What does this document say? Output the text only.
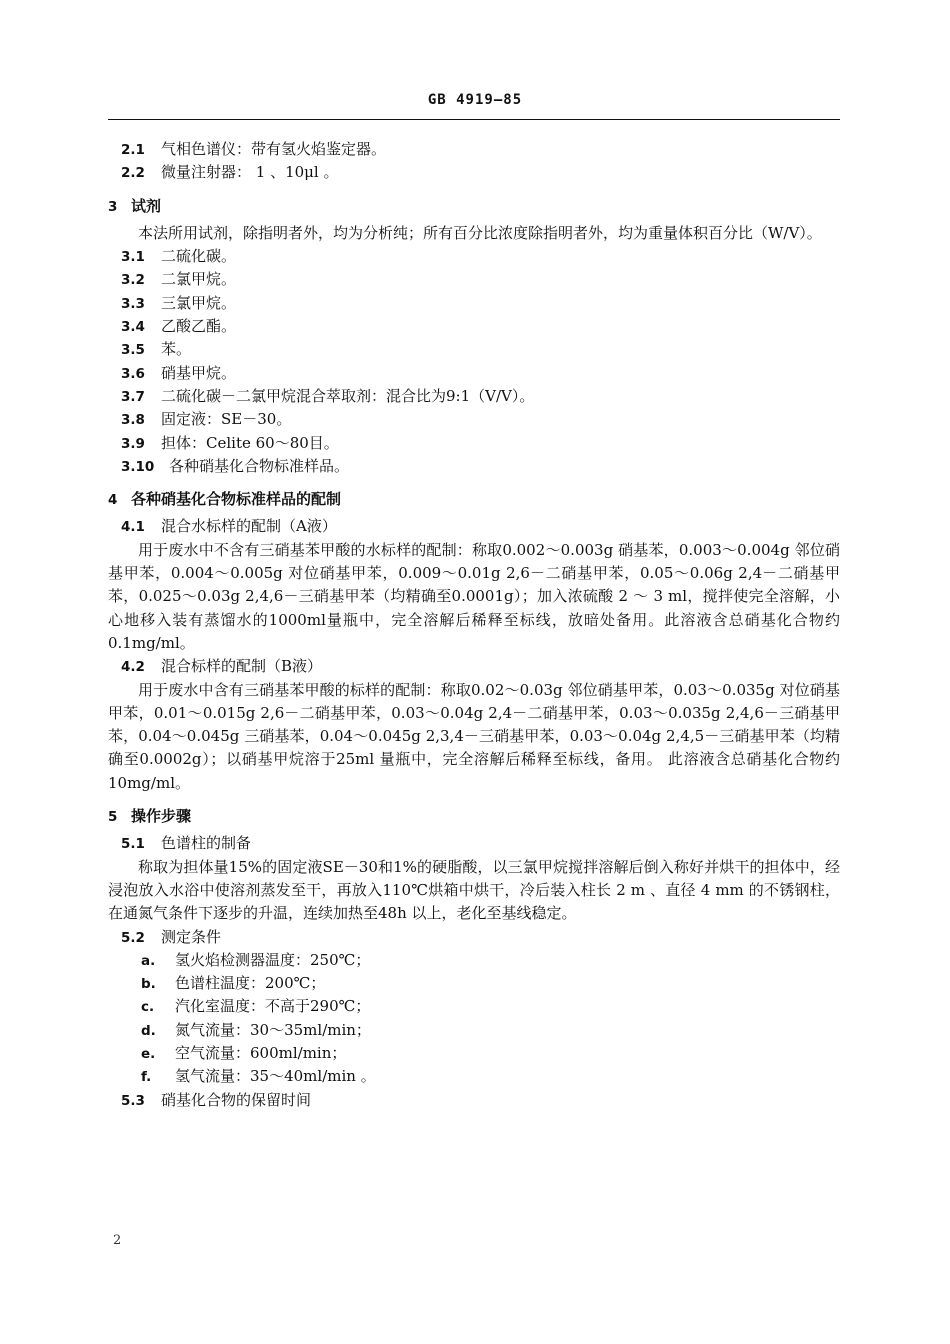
GB 4919—85
2.1 气相色谱仪：带有氢火焰鉴定器。
2.2 微量注射器： 1 、10μl 。
3 试剂
本法所用试剂，除指明者外，均为分析纯；所有百分比浓度除指明者外，均为重量体积百分比（W/V）。
3.1 二硫化碳。
3.2 二氯甲烷。
3.3 三氯甲烷。
3.4 乙酸乙酯。
3.5 苯。
3.6 硝基甲烷。
3.7 二硫化碳－二氯甲烷混合萃取剂：混合比为9:1（V/V）。
3.8 固定液：SE－30。
3.9 担体：Celite 60～80目。
3.10 各种硝基化合物标准样品。
4 各种硝基化合物标准样品的配制
4.1 混合水标样的配制（A液）
用于废水中不含有三硝基苯甲酸的水标样的配制：称取0.002～0.003g 硝基苯，0.003～0.004g 邻位硝基甲苯，0.004～0.005g 对位硝基甲苯，0.009～0.01g 2,6－二硝基甲苯，0.05～0.06g 2,4－二硝基甲苯，0.025～0.03g 2,4,6－三硝基甲苯（均精确至0.0001g）；加入浓硫酸 2 ～ 3 ml，搅拌使完全溶解，小心地移入装有蒸馏水的1000ml量瓶中，完全溶解后稀释至标线，放暗处备用。此溶液含总硝基化合物约0.1mg/ml。
4.2 混合标样的配制（B液）
用于废水中含有三硝基苯甲酸的标样的配制：称取0.02～0.03g 邻位硝基甲苯，0.03～0.035g 对位硝基甲苯，0.01～0.015g 2,6－二硝基甲苯，0.03～0.04g 2,4－二硝基甲苯，0.03～0.035g 2,4,6－三硝基甲苯，0.04～0.045g 三硝基苯，0.04～0.045g 2,3,4－三硝基甲苯，0.03～0.04g 2,4,5－三硝基甲苯（均精确至0.0002g）；以硝基甲烷溶于25ml 量瓶中，完全溶解后稀释至标线，备用。 此溶液含总硝基化合物约10mg/ml。
5 操作步骤
5.1 色谱柱的制备
称取为担体量15%的固定液SE－30和1%的硬脂酸，以三氯甲烷搅拌溶解后倒入称好并烘干的担体中，经浸泡放入水浴中使溶剂蒸发至干，再放入110℃烘箱中烘干，冷后装入柱长 2 m 、直径 4 mm 的不锈钢柱，在通氮气条件下逐步的升温，连续加热至48h 以上，老化至基线稳定。
5.2 测定条件
a. 氢火焰检测器温度：250℃；
b. 色谱柱温度：200℃；
c. 汽化室温度：不高于290℃；
d. 氮气流量：30～35ml/min；
e. 空气流量：600ml/min；
f. 氢气流量：35～40ml/min 。
5.3 硝基化合物的保留时间
2
